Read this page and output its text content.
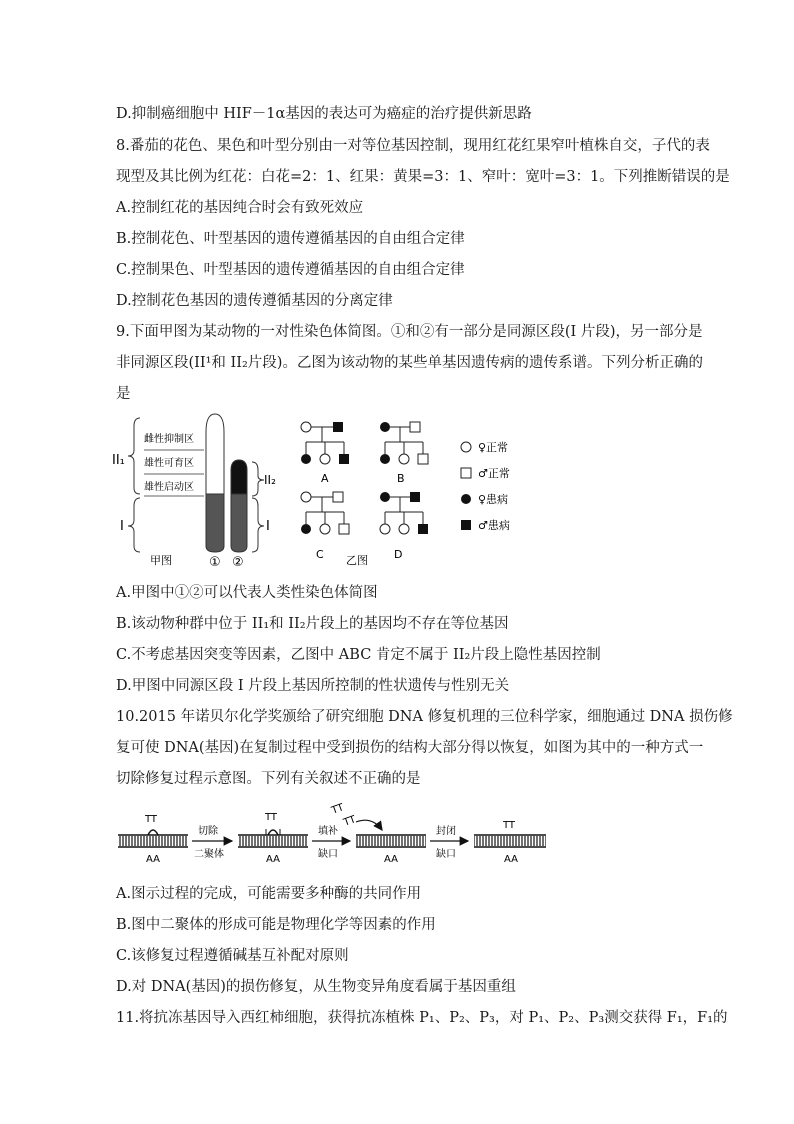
D.抑制癌细胞中 HIF－1α基因的表达可为癌症的治疗提供新思路
8.番茄的花色、果色和叶型分别由一对等位基因控制，现用红花红果窄叶植株自交，子代的表
现型及其比例为红花：白花=2：1、红果：黄果=3：1、窄叶：宽叶=3：1。下列推断错误的是
A.控制红花的基因纯合时会有致死效应
B.控制花色、叶型基因的遗传遵循基因的自由组合定律
C.控制果色、叶型基因的遗传遵循基因的自由组合定律
D.控制花色基因的遗传遵循基因的分离定律
9.下面甲图为某动物的一对性染色体简图。①和②有一部分是同源区段(I 片段)，另一部分是
非同源区段(II¹和 II₂片段)。乙图为该动物的某些单基因遗传病的遗传系谱。下列分析正确的
是
II₁
I
雌性抑制区
雄性可育区
雄性启动区
II₂
I
甲图	① ②
A	B
C	D
乙图
♀正常
♂正常
♀患病
♂患病
A.甲图中①②可以代表人类性染色体简图
B.该动物种群中位于 II₁和 II₂片段上的基因均不存在等位基因
C.不考虑基因突变等因素，乙图中 ABC 肯定不属于 II₂片段上隐性基因控制
D.甲图中同源区段 I 片段上基因所控制的性状遗传与性别无关
10.2015 年诺贝尔化学奖颁给了研究细胞 DNA 修复机理的三位科学家，细胞通过 DNA 损伤修
复可使 DNA(基因)在复制过程中受到损伤的结构大部分得以恢复，如图为其中的一种方式一
切除修复过程示意图。下列有关叙述不正确的是
TT
AA
切除
二聚体
TT
AA
填补
缺口
TT
TT
AA
封闭
缺口
TT
AA
A.图示过程的完成，可能需要多种酶的共同作用
B.图中二聚体的形成可能是物理化学等因素的作用
C.该修复过程遵循碱基互补配对原则
D.对 DNA(基因)的损伤修复，从生物变异角度看属于基因重组
11.将抗冻基因导入西红柿细胞，获得抗冻植株 P₁、P₂、P₃，对 P₁、P₂、P₃测交获得 F₁，F₁的
